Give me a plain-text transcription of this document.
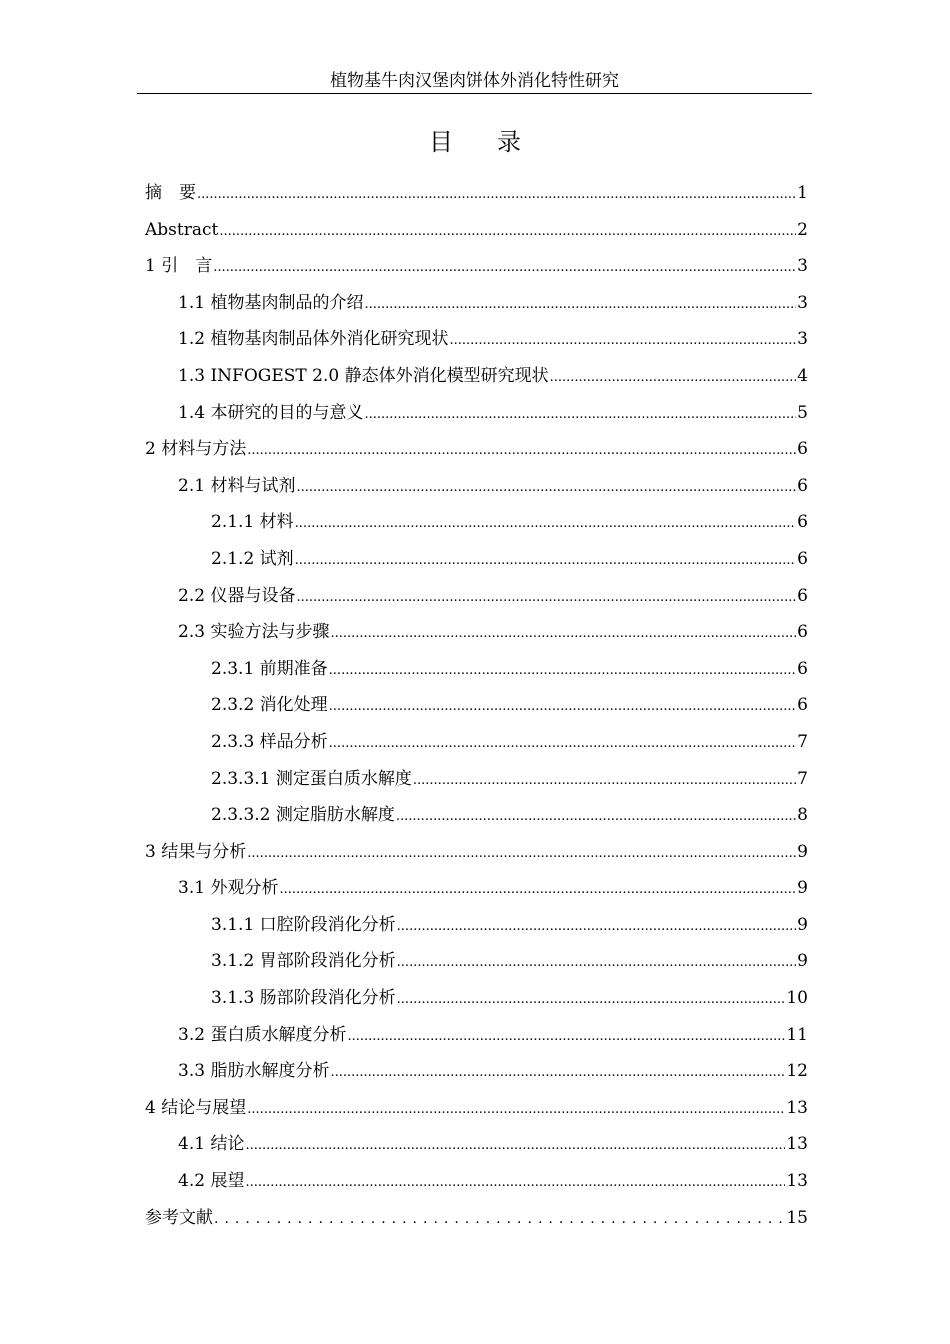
植物基牛肉汉堡肉饼体外消化特性研究
目录
摘　要 .....	1
Abstract .....	2
1 引　言 .....	3
1.1 植物基肉制品的介绍 .....	3
1.2 植物基肉制品体外消化研究现状 .....	3
1.3 INFOGEST 2.0 静态体外消化模型研究现状 .....	4
1.4 本研究的目的与意义 .....	5
2 材料与方法 .....	6
2.1 材料与试剂 .....	6
2.1.1 材料 .....	6
2.1.2 试剂 .....	6
2.2 仪器与设备 .....	6
2.3 实验方法与步骤 .....	6
2.3.1 前期准备 .....	6
2.3.2 消化处理 .....	6
2.3.3 样品分析 .....	7
2.3.3.1 测定蛋白质水解度 .....	7
2.3.3.2 测定脂肪水解度 .....	8
3 结果与分析 .....	9
3.1 外观分析 .....	9
3.1.1 口腔阶段消化分析 .....	9
3.1.2 胃部阶段消化分析 .....	9
3.1.3 肠部阶段消化分析 .....	10
3.2 蛋白质水解度分析 .....	11
3.3 脂肪水解度分析 .....	12
4 结论与展望 .....	13
4.1 结论 .....	13
4.2 展望 .....	13
参考文献 .....	15
